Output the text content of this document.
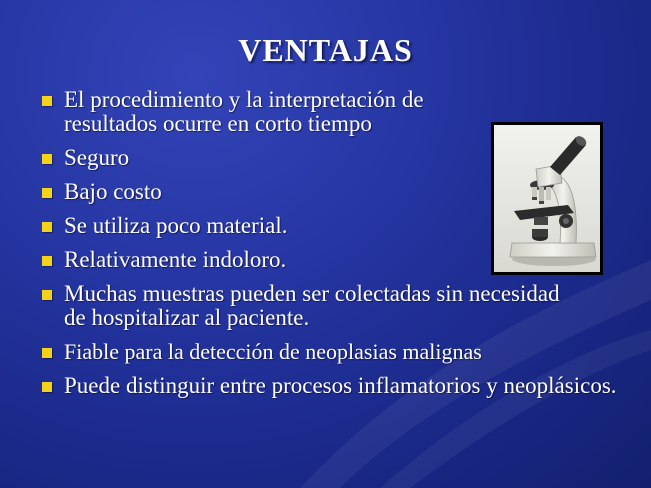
VENTAJAS
El procedimiento y la interpretación de resultados ocurre en corto tiempo
Seguro
Bajo costo
Se utiliza poco material.
Relativamente indoloro.
Muchas muestras pueden ser colectadas sin necesidad de hospitalizar al paciente.
Fiable para la detección de neoplasias malignas
Puede distinguir entre procesos inflamatorios y neoplásicos.
